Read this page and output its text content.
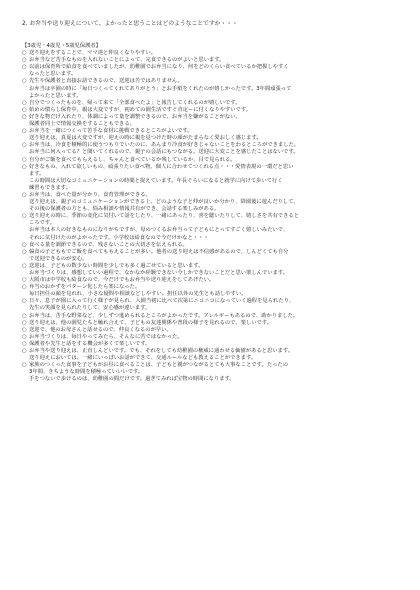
2. お弁当や送り迎えについて、よかったと思うことはどのようなことですか・・・
【3歳児・4歳児・5歳児保護者】
○ 送り迎えをすることで、ママ達と仲良くなりやすい。
○ お弁当など苦手なものを入れないことによって、完食できるのがよいと思います。
○ 以前は保育所で給食を食べていましたが、幼稚園でお弁当になり、何をどのくらい食べているか把握しやすく
なったと思います。
○ 先生や保護者と直接お話できるので、送迎は苦ではありません。
お弁当は卒園の時に「毎日つくってくれてありがとう」とお手紙をくれたのが嬉しかったです。3年間頑張って
よかったと思います。
○ 自分でつくったものを、帰って来て「全部食べたよ」と報告してくれるのが嬉しいです。
○ 始めの慣らし保育中、親は大変ですが、初めての園生活ですぐ肯定ーに付くなりやすいです。
○ 好きな物だけ入れたり、体調によって量を調整できるので、お弁当を嫌がることがない。
保護者同士で情報交換をすることもできる。
○ お弁当を一緒につくって苦手な食材に挑戦できるところがよいです。
送り迎えは、真夏は大変ですが、迎えの時に親を見つけた時の顔がたまらなく愛おしく感じます。
○ お弁当は、冷食を積極的に使うつもりでいたのに、あんまり冷食が好きじゃないことをわるところができました。
お弁当に何入ってる？と聞いてくれるので、親子の会話にもつながる。送迎に大変ことを感じたことはないです。
○ 自分がご飯を食べてもらえるし、ちゃんと食べているか残しているか、目で見られる。
○ 好きなもの、入れて欲しいもの、頑張りたい食べ物、個人に合わせてつくれる点・・・愛情表現の一環だと思い
ます。
この時間は大切なコミュニケーションの時間と捉えています。年長ぐらいになると就学に向けて歩いて行く
練習もできます。
○ お弁当は、食べた量が分かり、食育管理ができる。
送り迎えは、親子のコミュニケーションができる上、どのような子と仲が良いか分かり、降園後に遊んだりして、
その後の保護者の方とも、悩み相談や情報共有ができ、会話する楽しみがある。
○ 送り迎えの時に、季節の変化に気付いて話をしたり、一緒にあったり、喜を聴いたりして、嬉しさを共有できると
ころです。
お弁当は本人の好きなものになりがちですが、母のつくるお弁当って子どもにとってすごく嬉しいみたいで、
それに気付けたのがよかったです。小学校は給食なので今だけかなと・・・
○ 食べる量を調節できるので、残さないことの大切さを伝えられる。
○ 偏食の子どももでご飯を食べてももえることが多い。他者の送り迎えは不信感があるので、しんどくても自分
で送迎できるのが安心。
○ 送迎は、子どもの数少ない時間を少しでも多く過ごせていると思います。
お弁当づくりは、感想していい過程で、なかなか経験できない今しかできないことだと思い楽しんでいます。
○ 大阪市は中学校も給食なので、今だけでもお弁当や送り迎えをしてあげたい。
○ 弁当のおかずをパターン化したら楽になった。
毎日担任の顔を見れれ、小さな疑問や相談などしやすい。担任以外の先生とも話しやすい。
○ 日々、息子が園に入って行く様子が見られ、入園当初に比べて次第にニコニコになっていく過程を見られたり、
先生の笑顔を見られたりして、安心感が違います。
○ お弁当は、苦手な野菜など、少しずつ進められるところがよかったです。アレルギーもあるので、助かりました。
○ 送り迎えは、他の園児たちと触れ合えて、子どもの友達関係や普段の様子を見れるので、楽しいです。
○ 送迎で、他のお母さんと話せるので、仲良くなるのが早い。
○ お弁当づくりは、毎日やってみたら、そんなに苦ではなかった。
○ 保護者や先生と話をする機会が多くて楽しいです。
○ お弁当や送り迎えは、正直しんどいです。でも、それをしても幼稚園の権威に通わせる価値があると思います。
送り迎えにおいては、一緒にいっぱいお話ができて、交通ルールなども教えることができます。
○ 家族のつくった食事を子どもがお昼に食べることは、子どもと親がつながるとても大事なことです。たったの
3年間、きちような時間を積極っていいいです。
手をつないで歩けるのは、幼稚園の間だけです。過ぎてみれば宝物の時間になります。
